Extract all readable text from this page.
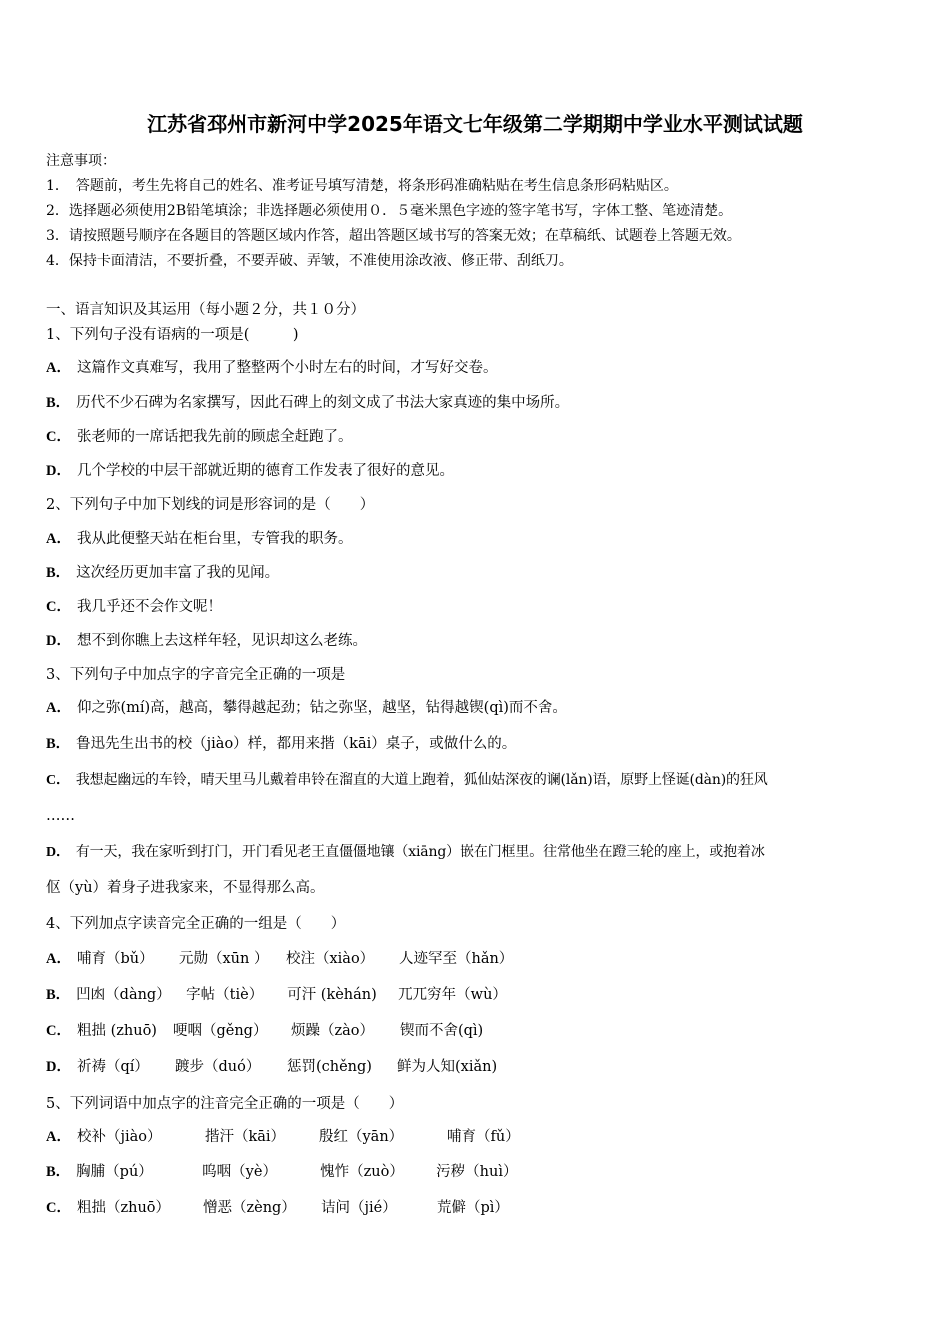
江苏省邳州市新河中学2025年语文七年级第二学期期中学业水平测试试题
注意事项：
1．　答题前，考生先将自己的姓名、准考证号填写清楚，将条形码准确粘贴在考生信息条形码粘贴区。
2．选择题必须使用2B铅笔填涂；非选择题必须使用０．５毫米黑色字迹的签字笔书写，字体工整、笔迹清楚。
3．请按照题号顺序在各题目的答题区域内作答，超出答题区域书写的答案无效；在草稿纸、试题卷上答题无效。
4．保持卡面清洁，不要折叠，不要弄破、弄皱，不准使用涂改液、修正带、刮纸刀。
一、语言知识及其运用（每小题２分，共１０分）
1、下列句子没有语病的一项是(　　　)
A． 这篇作文真难写，我用了整整两个小时左右的时间，才写好交卷。
B． 历代不少石碑为名家撰写，因此石碑上的刻文成了书法大家真迹的集中场所。
C． 张老师的一席话把我先前的顾虑全赶跑了。
D． 几个学校的中层干部就近期的德育工作发表了很好的意见。
2、下列句子中加下划线的词是形容词的是（　　）
A． 我从此便整天站在柜台里，专管我的职务。
B． 这次经历更加丰富了我的见闻。
C． 我几乎还不会作文呢！
D． 想不到你瞧上去这样年轻，见识却这么老练。
3、下列句子中加点字的字音完全正确的一项是
A． 仰之弥(mí)高，越高，攀得越起劲；钻之弥坚，越坚，钻得越锲(qì)而不舍。
B． 鲁迅先生出书的校（jiào）样，都用来揩（kāi）桌子，或做什么的。
C． 我想起幽远的车铃，晴天里马儿戴着串铃在溜直的大道上跑着，狐仙姑深夜的谰(lǎn)语，原野上怪诞(dàn)的狂风
……
D． 有一天，我在家听到打门，开门看见老王直僵僵地镶（xiāng）嵌在门框里。往常他坐在蹬三轮的座上，或抱着冰
伛（yù）着身子进我家来，不显得那么高。
4、下列加点字读音完全正确的一组是（　　）
A． 哺育（bǔ） 元勋（xūn ） 校注（xiào） 人迹罕至（hǎn）
B． 凹凼（dàng） 字帖（tiè） 可汗 (kèhán) 兀兀穷年（wù）
C． 粗拙 (zhuō) 哽咽（gěng） 烦躁（zào） 锲而不舍(qì)
D． 祈祷（qí） 踱步（duó） 惩罚(chěng) 鲜为人知(xiǎn)
5、下列词语中加点字的注音完全正确的一项是（　　）
A． 校补（jiào）	揩汗（kāi） 殷红（yān）	哺育（fǔ）
B． 胸脯（pú）	呜咽（yè）	愧怍（zuò） 污秽（huì）
C． 粗拙（zhuō） 憎恶（zèng） 诘问（jié）	荒僻（pì）
